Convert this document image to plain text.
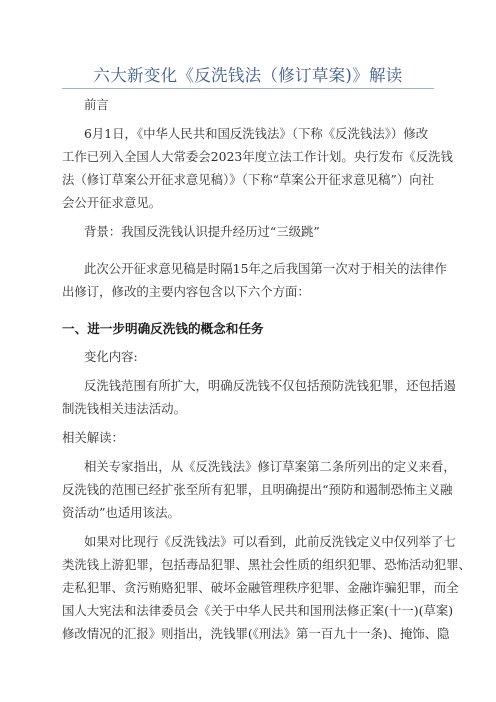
六大新变化《反洗钱法（修订草案)》解读
前言
6月1日，《中华人民共和国反洗钱法》（下称《反洗钱法》）修改
工作已列入全国人大常委会2023年度立法工作计划。央行发布《反洗钱
法（修订草案公开征求意见稿）》（下称“草案公开征求意见稿”）向社
会公开征求意见。
背景：我国反洗钱认识提升经历过“三级跳”
此次公开征求意见稿是时隔15年之后我国第一次对于相关的法律作
出修订，修改的主要内容包含以下六个方面：
一、进一步明确反洗钱的概念和任务
变化内容:
反洗钱范围有所扩大，明确反洗钱不仅包括预防洗钱犯罪，还包括遏
制洗钱相关违法活动。
相关解读：
相关专家指出，从《反洗钱法》修订草案第二条所列出的定义来看，
反洗钱的范围已经扩张至所有犯罪，且明确提出“预防和遏制恐怖主义融
资活动”也适用该法。
如果对比现行《反洗钱法》可以看到，此前反洗钱定义中仅列举了七
类洗钱上游犯罪，包括毒品犯罪、黑社会性质的组织犯罪、恐怖活动犯罪、
走私犯罪、贪污贿赂犯罪、破坏金融管理秩序犯罪、金融诈骗犯罪，而全
国人大宪法和法律委员会《关于中华人民共和国刑法修正案(十一)(草案)
修改情况的汇报》则指出，洗钱罪(《刑法》第一百九十一条)、掩饰、隐
